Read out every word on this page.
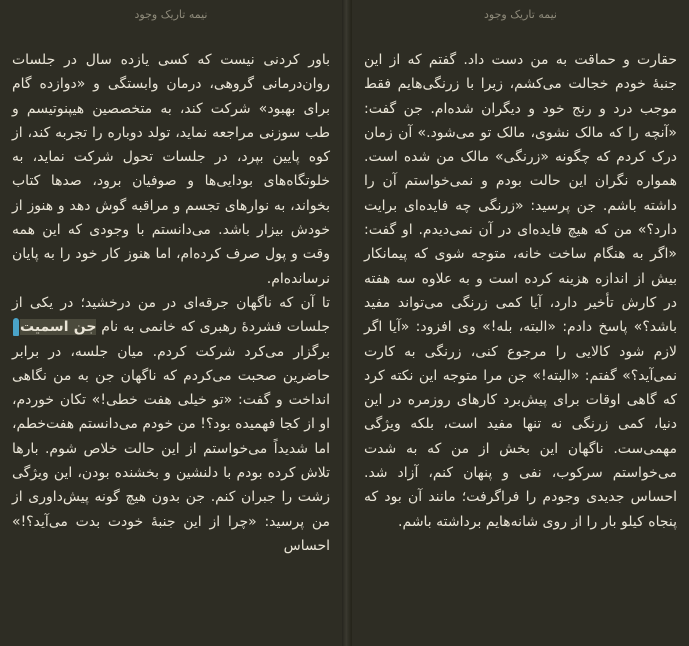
نیمه تاریک وجود

باور کردنی نیست که کسی یازده سال در جلسات روان‌درمانی گروهی، درمان وابستگی و «دوازده گام برای بهبود» شرکت کند، به متخصصین هیپنوتیسم و طب سوزنی مراجعه نماید، تولد دوباره را تجربه کند، از کوه پایین بپرد، در جلسات تحول شرکت نماید، به خلوتگاه‌های بودایی‌ها و صوفیان برود، صدها کتاب بخواند، به نوارهای تجسم و مراقبه گوش دهد و هنوز از خودش بیزار باشد. می‌دانستم با وجودی که این همه وقت و پول صرف کرده‌ام، اما هنوز کار خود را به پایان نرسانده‌ام.

تا آن که ناگهان جرقه‌ای در من درخشید؛ در یکی از جلسات فشردهٔ رهبری که خانمی به نام جن اسمیت برگزار می‌کرد شرکت کردم. میان جلسه، در برابر حاضرین صحبت می‌کردم که ناگهان جن به من نگاهی انداخت و گفت: «تو خیلی هفت خطی!» تکان خوردم، او از کجا فهمیده بود؟! من خودم می‌دانستم هفت‌خطم، اما شدیداً می‌خواستم از این حالت خلاص شوم. بارها تلاش کرده بودم با دلنشین و بخشنده بودن، این ویژگی زشت را جبران کنم. جن بدون هیچ گونه پیش‌داوری از من پرسید: «چرا از این جنبهٔ خودت بدت می‌آید؟!» احساس

نیمه تاریک وجود

حقارت و حماقت به من دست داد. گفتم که از این جنبهٔ خودم خجالت می‌کشم، زیرا با زرنگی‌هایم فقط موجب درد و رنج خود و دیگران شده‌ام. جن گفت: «آنچه را که مالک نشوی، مالک تو می‌شود.» آن زمان درک کردم که چگونه «زرنگی» مالک من شده است. همواره نگران این حالت بودم و نمی‌خواستم آن را داشته باشم. جن پرسید: «زرنگی چه فایده‌ای برایت دارد؟» من که هیچ فایده‌ای در آن نمی‌دیدم. او گفت: «اگر به هنگام ساخت خانه، متوجه شوی که پیمانکار بیش از اندازه هزینه کرده است و به علاوه سه هفته در کارش تأخیر دارد، آیا کمی زرنگی می‌تواند مفید باشد؟» پاسخ دادم: «البته، بله!» وی افزود: «آیا اگر لازم شود کالایی را مرجوع کنی، زرنگی به کارت نمی‌آید؟» گفتم: «البته!» جن مرا متوجه این نکته کرد که گاهی اوقات برای پیش‌برد کارهای روزمره در این دنیا، کمی زرنگی نه تنها مفید است، بلکه ویژگی مهمی‌ست. ناگهان این بخش از من که به شدت می‌خواستم سرکوب، نفی و پنهان کنم، آزاد شد. احساس جدیدی وجودم را فراگرفت؛ مانند آن بود که پنجاه کیلو بار را از روی شانه‌هایم برداشته باشم.
